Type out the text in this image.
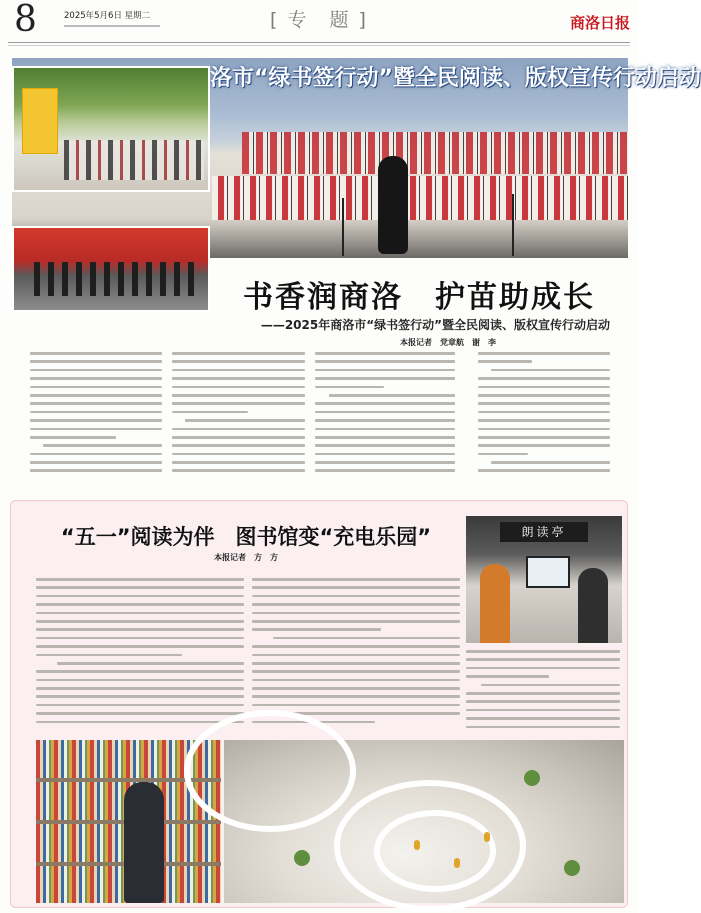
8	2025年5月6日 星期二	[ 专　题 ]	商洛日报
洛市“绿书签行动”暨全民阅读、版权宣传行动启动
书香润商洛　护苗助成长
——2025年商洛市“绿书签行动”暨全民阅读、版权宣传行动启动
本报记者　党章航　谢　李
“五一”阅读为伴　图书馆变“充电乐园”
本报记者　方　方
朗读亭
